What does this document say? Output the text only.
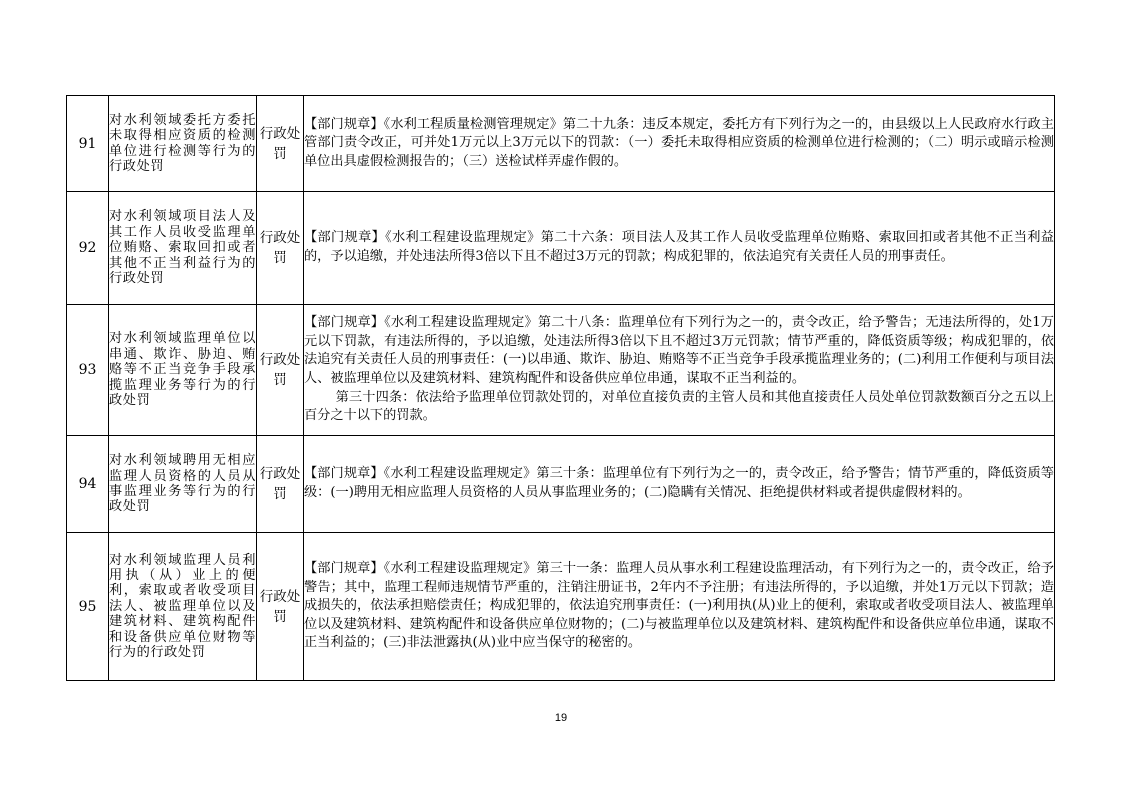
91	对水利领域委托方委托未取得相应资质的检测单位进行检测等行为的行政处罚	行政处罚	【部门规章】《水利工程质量检测管理规定》第二十九条：违反本规定，委托方有下列行为之一的，由县级以上人民政府水行政主管部门责令改正，可并处1万元以上3万元以下的罚款：（一）委托未取得相应资质的检测单位进行检测的；（二）明示或暗示检测单位出具虚假检测报告的；（三）送检试样弄虚作假的。

92	对水利领域项目法人及其工作人员收受监理单位贿赂、索取回扣或者其他不正当利益行为的行政处罚	行政处罚	【部门规章】《水利工程建设监理规定》第二十六条：项目法人及其工作人员收受监理单位贿赂、索取回扣或者其他不正当利益的，予以追缴，并处违法所得3倍以下且不超过3万元的罚款；构成犯罪的，依法追究有关责任人员的刑事责任。

93	对水利领域监理单位以串通、欺诈、胁迫、贿赂等不正当竞争手段承揽监理业务等行为的行政处罚	行政处罚	【部门规章】《水利工程建设监理规定》第二十八条：监理单位有下列行为之一的，责令改正，给予警告；无违法所得的，处1万元以下罚款，有违法所得的，予以追缴，处违法所得3倍以下且不超过3万元罚款；情节严重的，降低资质等级；构成犯罪的，依法追究有关责任人员的刑事责任：(一)以串通、欺诈、胁迫、贿赂等不正当竞争手段承揽监理业务的；(二)利用工作便利与项目法人、被监理单位以及建筑材料、建筑构配件和设备供应单位串通，谋取不正当利益的。

第三十四条：依法给予监理单位罚款处罚的，对单位直接负责的主管人员和其他直接责任人员处单位罚款数额百分之五以上百分之十以下的罚款。

94	对水利领域聘用无相应监理人员资格的人员从事监理业务等行为的行政处罚	行政处罚	【部门规章】《水利工程建设监理规定》第三十条：监理单位有下列行为之一的，责令改正，给予警告；情节严重的，降低资质等级：(一)聘用无相应监理人员资格的人员从事监理业务的；(二)隐瞒有关情况、拒绝提供材料或者提供虚假材料的。

95	对水利领域监理人员利用执（从）业上的便利，索取或者收受项目法人、被监理单位以及建筑材料、建筑构配件和设备供应单位财物等行为的行政处罚	行政处罚	【部门规章】《水利工程建设监理规定》第三十一条：监理人员从事水利工程建设监理活动，有下列行为之一的，责令改正，给予警告；其中，监理工程师违规情节严重的，注销注册证书，2年内不予注册；有违法所得的，予以追缴，并处1万元以下罚款；造成损失的，依法承担赔偿责任；构成犯罪的，依法追究刑事责任：(一)利用执(从)业上的便利，索取或者收受项目法人、被监理单位以及建筑材料、建筑构配件和设备供应单位财物的；(二)与被监理单位以及建筑材料、建筑构配件和设备供应单位串通，谋取不正当利益的；(三)非法泄露执(从)业中应当保守的秘密的。

19
